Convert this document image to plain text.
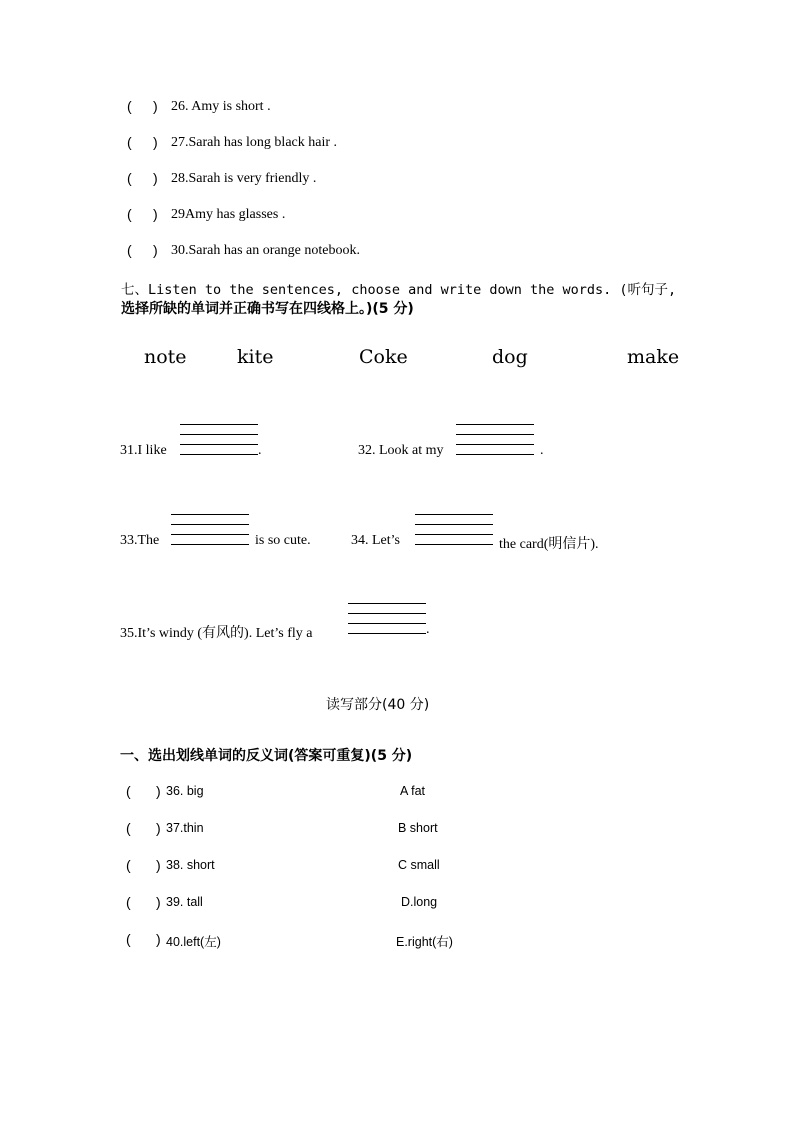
( ) 26. Amy is short .
( ) 27.Sarah has long black hair .
( ) 28.Sarah is very friendly .
( ) 29Amy has glasses .
( ) 30.Sarah has an orange notebook.
七、Listen to the sentences, choose and write down the words. (听句子,
选择所缺的单词并正确书写在四线格上。)(5 分)
note	kite	Coke	dog	make
31.I like	.	32. Look at my	.
33.The	is so cute.	34. Let’s	the card(明信片).
35.It’s windy (有风的). Let’s fly a	.
读写部分(40 分)
一、选出划线单词的反义词(答案可重复)(5 分)
( ) 36. big	A fat
( ) 37.thin	B short
( ) 38. short	C small
( ) 39. tall	D.long
( ) 40.left(左)	E.right(右)
